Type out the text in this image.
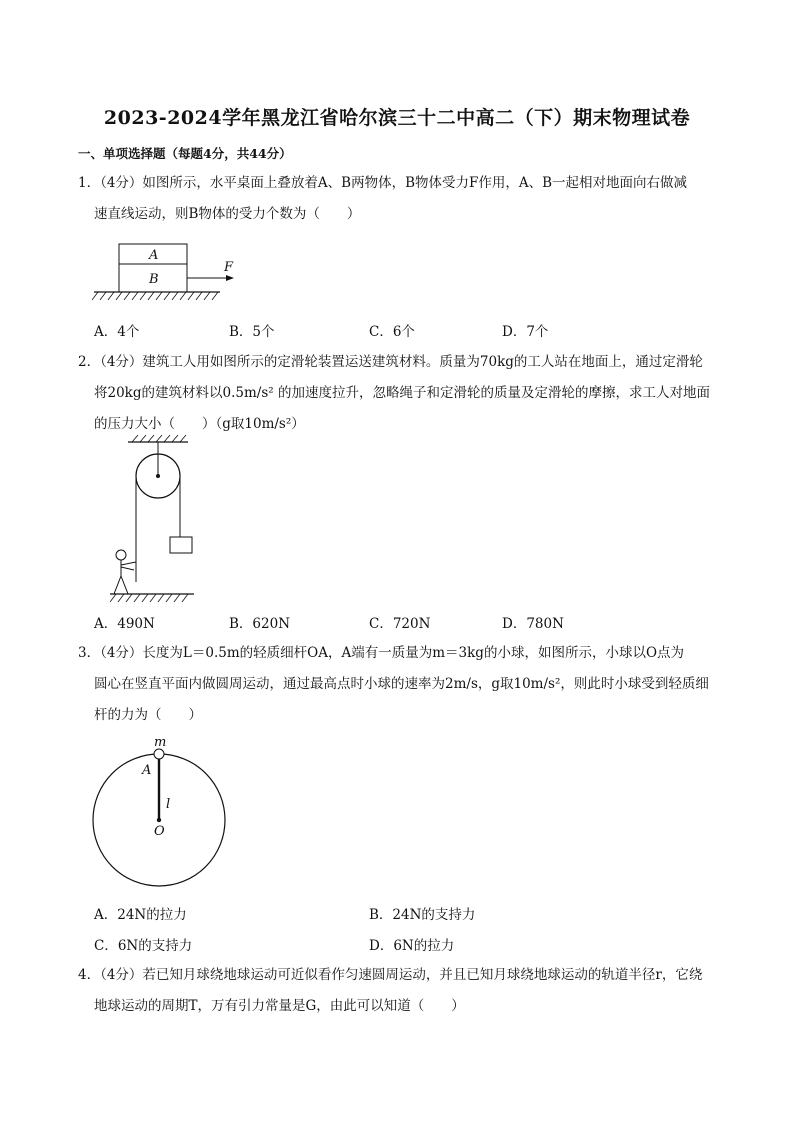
2023-2024学年黑龙江省哈尔滨三十二中高二（下）期末物理试卷
一、单项选择题（每题4分，共44分）
1．（4分）如图所示，水平桌面上叠放着A、B两物体，B物体受力F作用，A、B一起相对地面向右做减
速直线运动，则B物体的受力个数为（　　）
A
B
F
A．4个	B．5个	C．6个	D．7个
2．（4分）建筑工人用如图所示的定滑轮装置运送建筑材料。质量为70kg的工人站在地面上，通过定滑轮
将20kg的建筑材料以0.5m/s² 的加速度拉升，忽略绳子和定滑轮的质量及定滑轮的摩擦，求工人对地面
的压力大小（　　）（g取10m/s²）
A．490N	B．620N	C．720N	D．780N
3．（4分）长度为L＝0.5m的轻质细杆OA，A端有一质量为m＝3kg的小球，如图所示，小球以O点为
圆心在竖直平面内做圆周运动，通过最高点时小球的速率为2m/s，g取10m/s²，则此时小球受到轻质细
杆的力为（　　）
m
A
l
O
A．24N的拉力	B．24N的支持力
C．6N的支持力	D．6N的拉力
4．（4分）若已知月球绕地球运动可近似看作匀速圆周运动，并且已知月球绕地球运动的轨道半径r，它绕
地球运动的周期T，万有引力常量是G，由此可以知道（　　）
